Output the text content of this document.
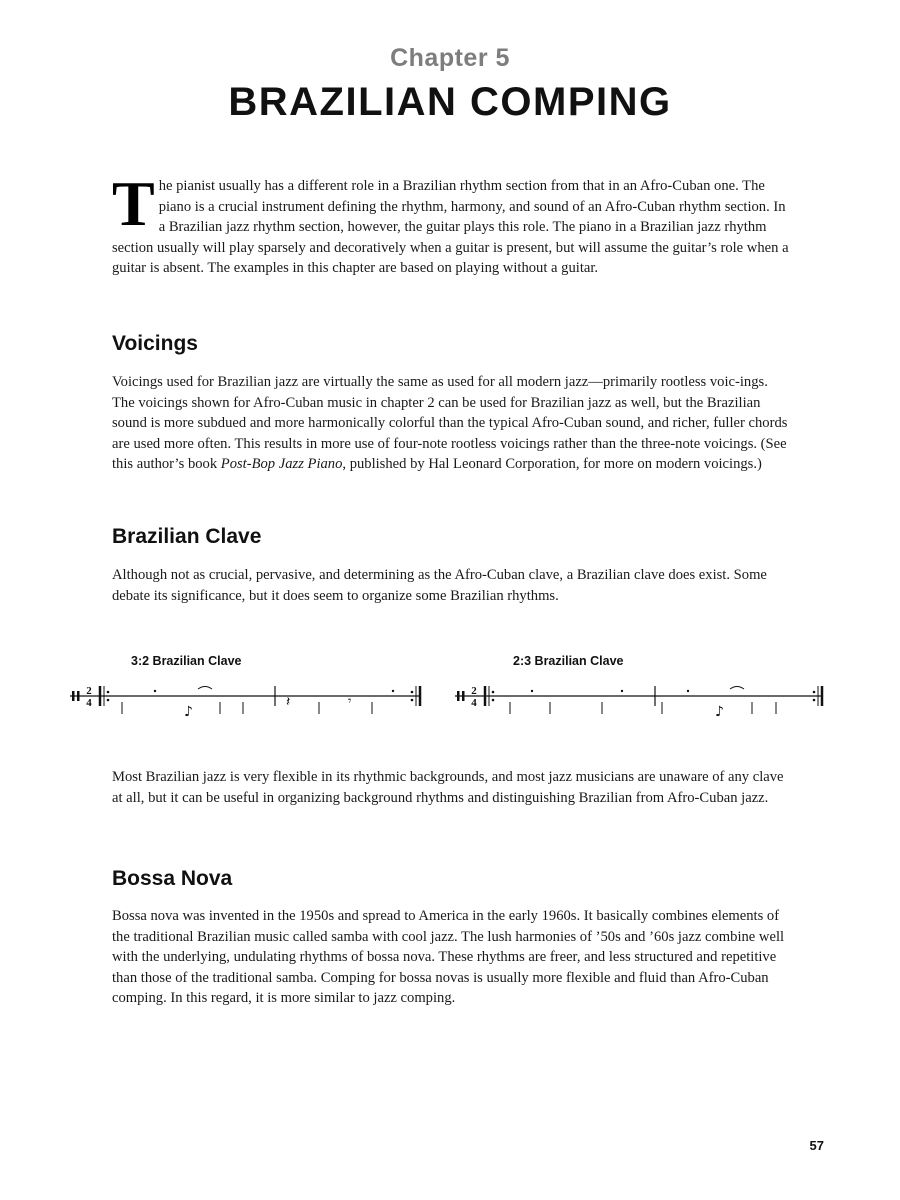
Chapter 5
BRAZILIAN COMPING

The pianist usually has a different role in a Brazilian rhythm section from that in an Afro-Cuban one. The piano is a crucial instrument defining the rhythm, harmony, and sound of an Afro-Cuban rhythm section. In a Brazilian jazz rhythm section, however, the guitar plays this role. The piano in a Brazilian jazz rhythm section usually will play sparsely and decoratively when a guitar is present, but will assume the guitar’s role when a guitar is absent. The examples in this chapter are based on playing without a guitar.

Voicings

Voicings used for Brazilian jazz are virtually the same as used for all modern jazz—primarily rootless voic-ings. The voicings shown for Afro-Cuban music in chapter 2 can be used for Brazilian jazz as well, but the Brazilian sound is more subdued and more harmonically colorful than the typical Afro-Cuban sound, and richer, fuller chords are used more often. This results in more use of four-note rootless voicings rather than the three-note voicings. (See this author’s book Post-Bop Jazz Piano, published by Hal Leonard Corporation, for more on modern voicings.)

Brazilian Clave

Although not as crucial, pervasive, and determining as the Afro-Cuban clave, a Brazilian clave does exist. Some debate its significance, but it does seem to organize some Brazilian rhythms.

3:2 Brazilian Clave	2:3 Brazilian Clave
2
4
♪
𝄽	𝄾
2
4
♪

Most Brazilian jazz is very flexible in its rhythmic backgrounds, and most jazz musicians are unaware of any clave at all, but it can be useful in organizing background rhythms and distinguishing Brazilian from Afro-Cuban jazz.

Bossa Nova

Bossa nova was invented in the 1950s and spread to America in the early 1960s. It basically combines elements of the traditional Brazilian music called samba with cool jazz. The lush harmonies of ’50s and ’60s jazz combine well with the underlying, undulating rhythms of bossa nova. These rhythms are freer, and less structured and repetitive than those of the traditional samba. Comping for bossa novas is usually more flexible and fluid than Afro-Cuban comping. In this regard, it is more similar to jazz comping.

57
